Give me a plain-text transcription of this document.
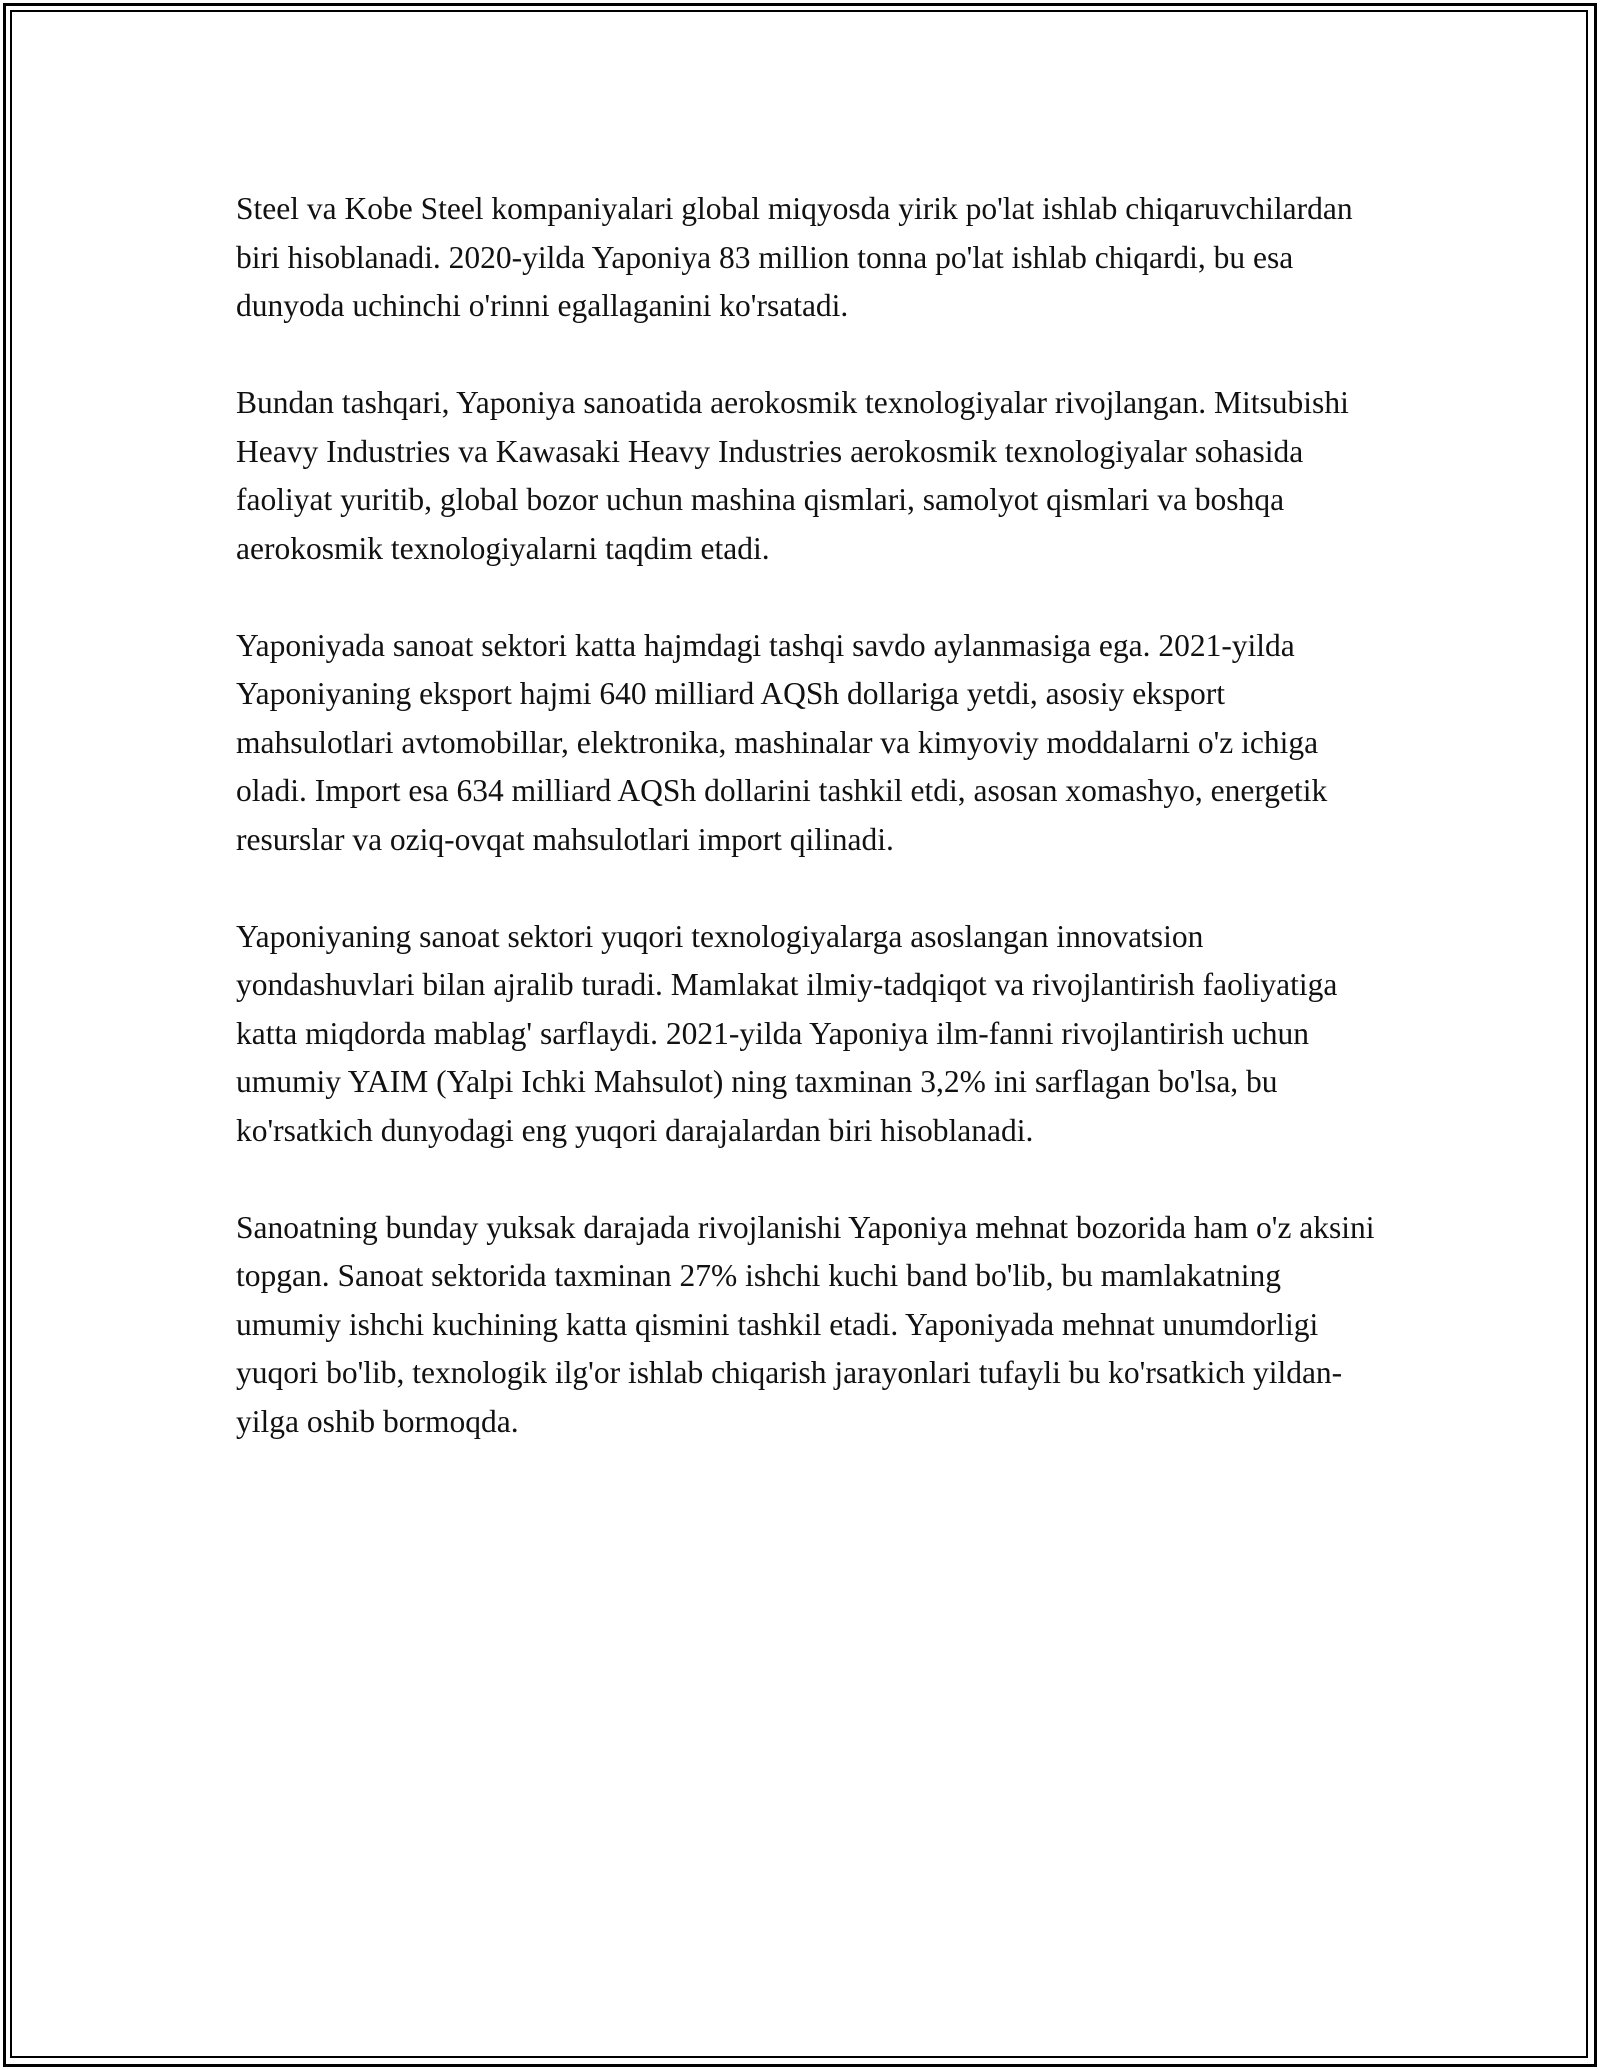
Steel va Kobe Steel kompaniyalari global miqyosda yirik po'lat ishlab chiqaruvchilardan biri hisoblanadi. 2020-yilda Yaponiya 83 million tonna po'lat ishlab chiqardi, bu esa dunyoda uchinchi o'rinni egallaganini ko'rsatadi.

Bundan tashqari, Yaponiya sanoatida aerokosmik texnologiyalar rivojlangan. Mitsubishi Heavy Industries va Kawasaki Heavy Industries aerokosmik texnologiyalar sohasida faoliyat yuritib, global bozor uchun mashina qismlari, samolyot qismlari va boshqa aerokosmik texnologiyalarni taqdim etadi.

Yaponiyada sanoat sektori katta hajmdagi tashqi savdo aylanmasiga ega. 2021-yilda Yaponiyaning eksport hajmi 640 milliard AQSh dollariga yetdi, asosiy eksport mahsulotlari avtomobillar, elektronika, mashinalar va kimyoviy moddalarni o'z ichiga oladi. Import esa 634 milliard AQSh dollarini tashkil etdi, asosan xomashyo, energetik resurslar va oziq-ovqat mahsulotlari import qilinadi.

Yaponiyaning sanoat sektori yuqori texnologiyalarga asoslangan innovatsion yondashuvlari bilan ajralib turadi. Mamlakat ilmiy-tadqiqot va rivojlantirish faoliyatiga katta miqdorda mablag' sarflaydi. 2021-yilda Yaponiya ilm-fanni rivojlantirish uchun umumiy YAIM (Yalpi Ichki Mahsulot) ning taxminan 3,2% ini sarflagan bo'lsa, bu ko'rsatkich dunyodagi eng yuqori darajalardan biri hisoblanadi.

Sanoatning bunday yuksak darajada rivojlanishi Yaponiya mehnat bozorida ham o'z aksini topgan. Sanoat sektorida taxminan 27% ishchi kuchi band bo'lib, bu mamlakatning umumiy ishchi kuchining katta qismini tashkil etadi. Yaponiyada mehnat unumdorligi yuqori bo'lib, texnologik ilg'or ishlab chiqarish jarayonlari tufayli bu ko'rsatkich yildan-yilga oshib bormoqda.
